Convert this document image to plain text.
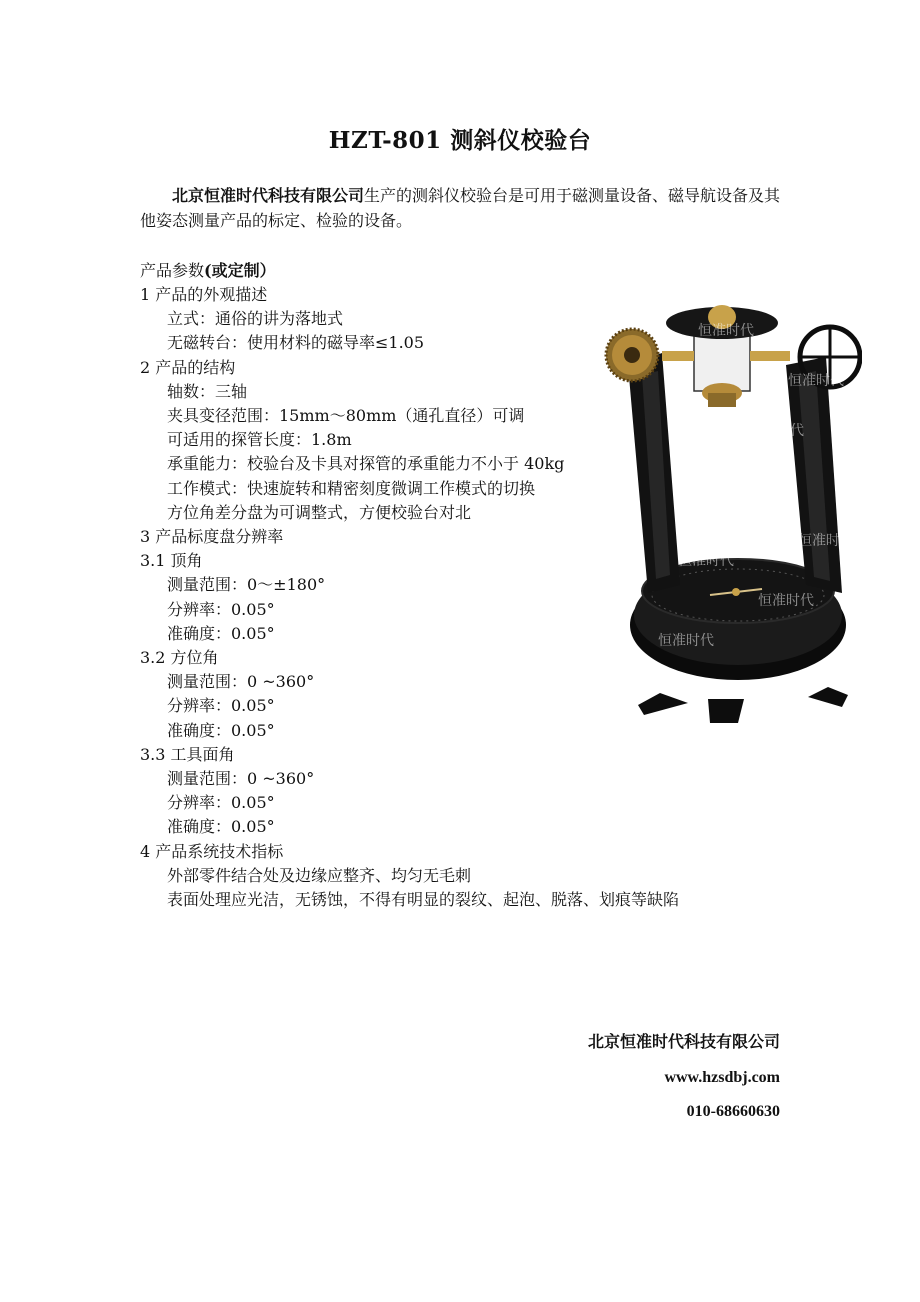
HZT-801 测斜仪校验台
北京恒准时代科技有限公司生产的测斜仪校验台是可用于磁测量设备、磁导航设备及其他姿态测量产品的标定、检验的设备。
产品参数(或定制）
1 产品的外观描述
立式：通俗的讲为落地式
无磁转台：使用材料的磁导率≤1.05
2 产品的结构
轴数：三轴
夹具变径范围：15mm～80mm（通孔直径）可调
可适用的探管长度：1.8m
承重能力：校验台及卡具对探管的承重能力不小于 40kg
工作模式：快速旋转和精密刻度微调工作模式的切换
方位角差分盘为可调整式，方便校验台对北
3 产品标度盘分辨率
3.1 顶角
测量范围：0～±180°
分辨率：0.05°
准确度：0.05°
3.2 方位角
测量范围：0 ~360°
分辨率：0.05°
准确度：0.05°
3.3 工具面角
测量范围：0 ~360°
分辨率：0.05°
准确度：0.05°
4 产品系统技术指标
外部零件结合处及边缘应整齐、均匀无毛刺
表面处理应光洁，无锈蚀，不得有明显的裂纹、起泡、脱落、划痕等缺陷
恒准时代
恒准时代
恒准时代
恒准时代
恒准时代
恒准时代
恒准时代
北京恒准时代科技有限公司
www.hzsdbj.com
010-68660630
